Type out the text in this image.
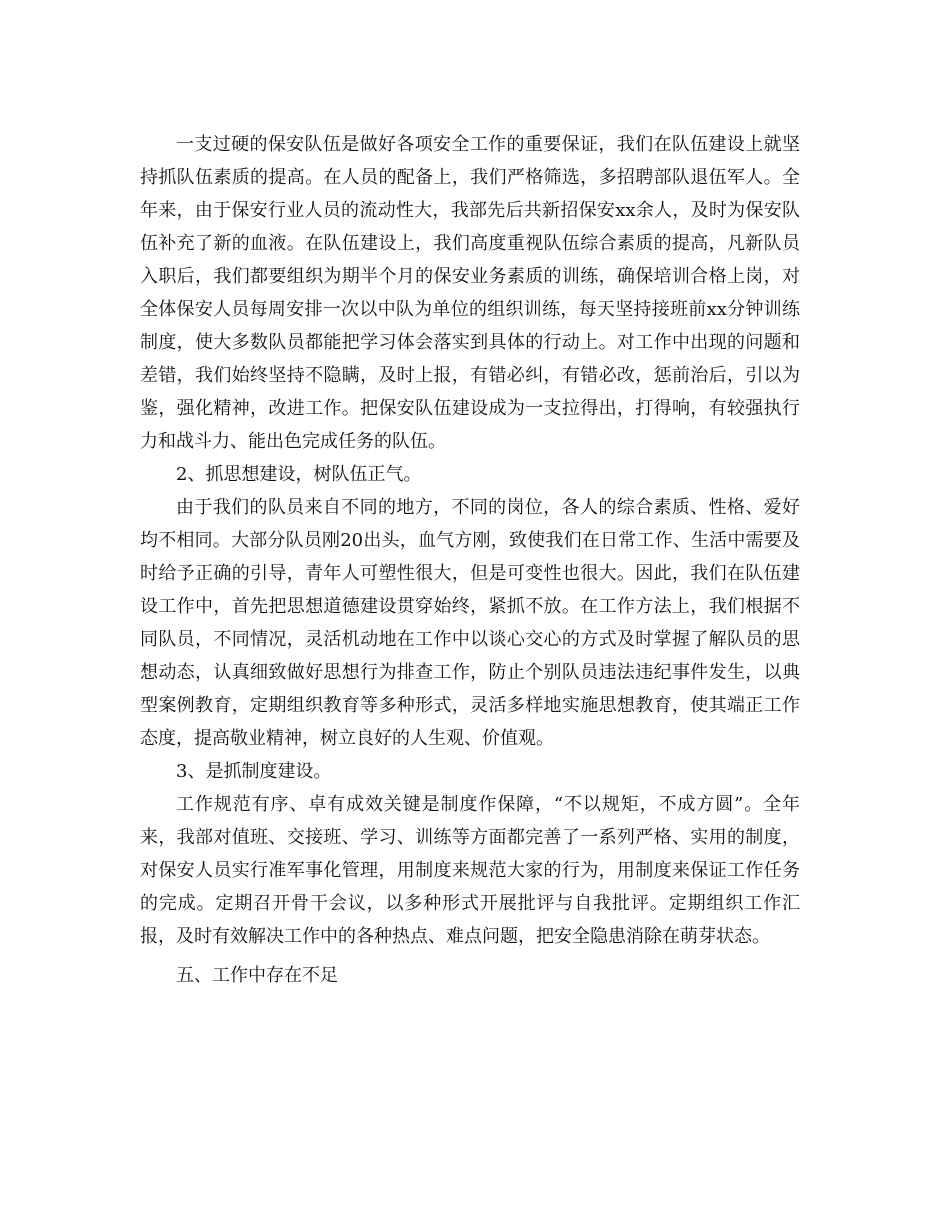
一支过硬的保安队伍是做好各项安全工作的重要保证，我们在队伍建设上就坚持抓队伍素质的提高。在人员的配备上，我们严格筛选，多招聘部队退伍军人。全年来，由于保安行业人员的流动性大，我部先后共新招保安xx余人，及时为保安队伍补充了新的血液。在队伍建设上，我们高度重视队伍综合素质的提高，凡新队员入职后，我们都要组织为期半个月的保安业务素质的训练，确保培训合格上岗，对全体保安人员每周安排一次以中队为单位的组织训练，每天坚持接班前xx分钟训练制度，使大多数队员都能把学习体会落实到具体的行动上。对工作中出现的问题和差错，我们始终坚持不隐瞒，及时上报，有错必纠，有错必改，惩前治后，引以为鉴，强化精神，改进工作。把保安队伍建设成为一支拉得出，打得响，有较强执行力和战斗力、能出色完成任务的队伍。

2、抓思想建设，树队伍正气。

由于我们的队员来自不同的地方，不同的岗位，各人的综合素质、性格、爱好均不相同。大部分队员刚20出头，血气方刚，致使我们在日常工作、生活中需要及时给予正确的引导，青年人可塑性很大，但是可变性也很大。因此，我们在队伍建设工作中，首先把思想道德建设贯穿始终，紧抓不放。在工作方法上，我们根据不同队员，不同情况，灵活机动地在工作中以谈心交心的方式及时掌握了解队员的思想动态，认真细致做好思想行为排查工作，防止个别队员违法违纪事件发生，以典型案例教育，定期组织教育等多种形式，灵活多样地实施思想教育，使其端正工作态度，提高敬业精神，树立良好的人生观、价值观。

3、是抓制度建设。

工作规范有序、卓有成效关键是制度作保障，“不以规矩，不成方圆”。全年来，我部对值班、交接班、学习、训练等方面都完善了一系列严格、实用的制度，对保安人员实行准军事化管理，用制度来规范大家的行为，用制度来保证工作任务的完成。定期召开骨干会议，以多种形式开展批评与自我批评。定期组织工作汇报，及时有效解决工作中的各种热点、难点问题，把安全隐患消除在萌芽状态。

五、工作中存在不足
